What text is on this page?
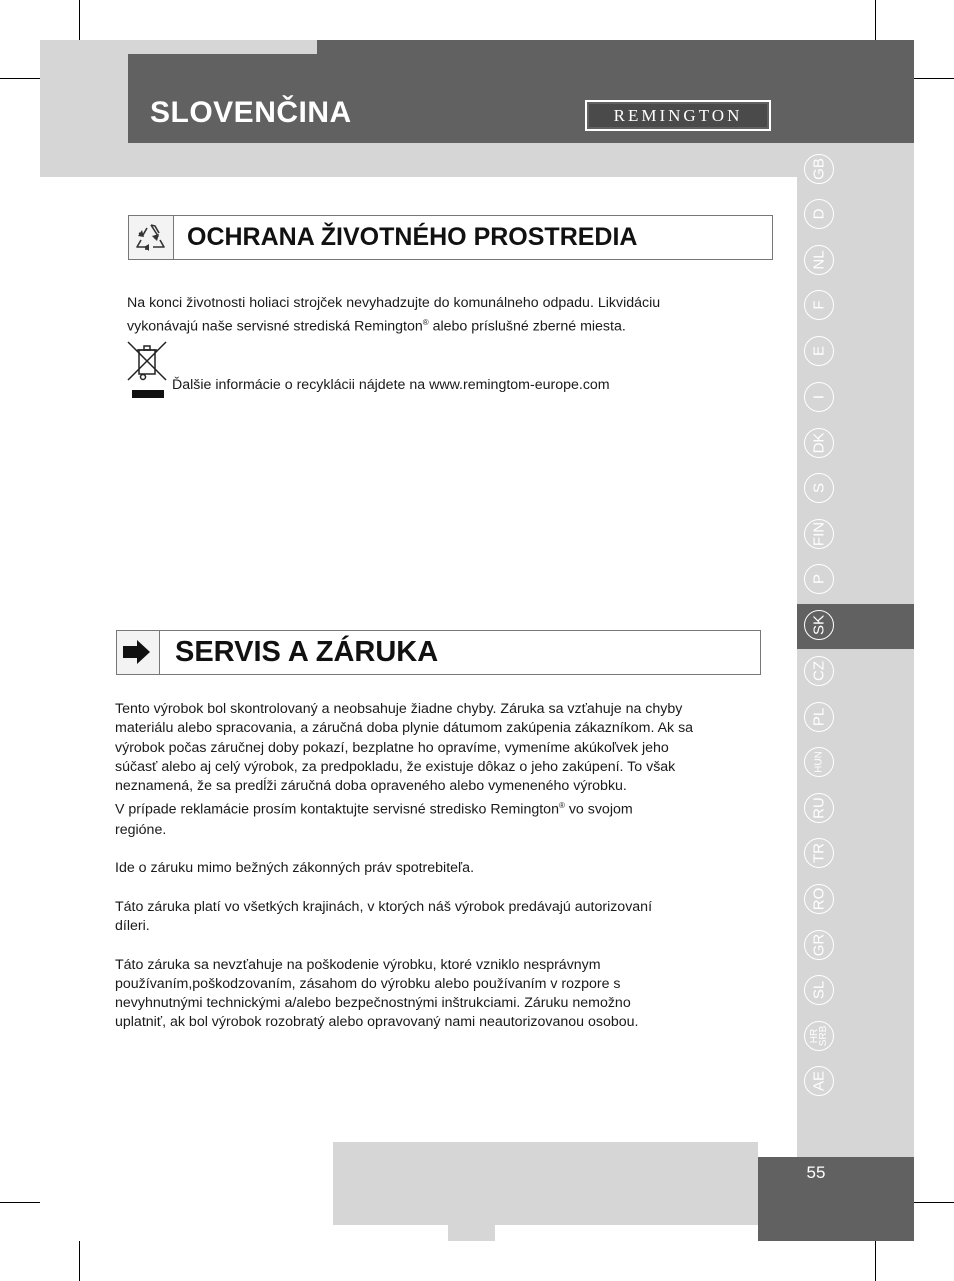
SLOVENČINA	REMINGTON
GB
D
NL
F
E
I
DK
S
FIN
P
SK
CZ
PL
HUN
RU
TR
RO
GR
SL
HR
SRB
AE
OCHRANA ŽIVOTNÉHO PROSTREDIA

Na konci životnosti holiaci strojček nevyhadzujte do komunálneho odpadu. Likvidáciu

vykonávajú naše servisné strediská Remington® alebo príslušné zberné miesta.

Ďalšie informácie o recyklácii nájdete na www.remingtom-europe.com
SERVIS A ZÁRUKA

Tento výrobok bol skontrolovaný a neobsahuje žiadne chyby. Záruka sa vzťahuje na chyby

materiálu alebo spracovania, a záručná doba plynie dátumom zakúpenia zákazníkom. Ak sa

výrobok počas záručnej doby pokazí, bezplatne ho opravíme, vymeníme akúkoľvek jeho

súčasť alebo aj celý výrobok, za predpokladu, že existuje dôkaz o jeho zakúpení. To však

neznamená, že sa predĺži záručná doba opraveného alebo vymeneného výrobku.

V prípade reklamácie prosím kontaktujte servisné stredisko Remington® vo svojom

regióne.

Ide o záruku mimo bežných zákonných práv spotrebiteľa.

Táto záruka platí vo všetkých krajinách, v ktorých náš výrobok predávajú autorizovaní

díleri.

Táto záruka sa nevzťahuje na poškodenie výrobku, ktoré vzniklo nesprávnym

používaním,poškodzovaním, zásahom do výrobku alebo používaním v rozpore s

nevyhnutnými technickými a/alebo bezpečnostnými inštrukciami. Záruku nemožno

uplatniť, ak bol výrobok rozobratý alebo opravovaný nami neautorizovanou osobou.

55
